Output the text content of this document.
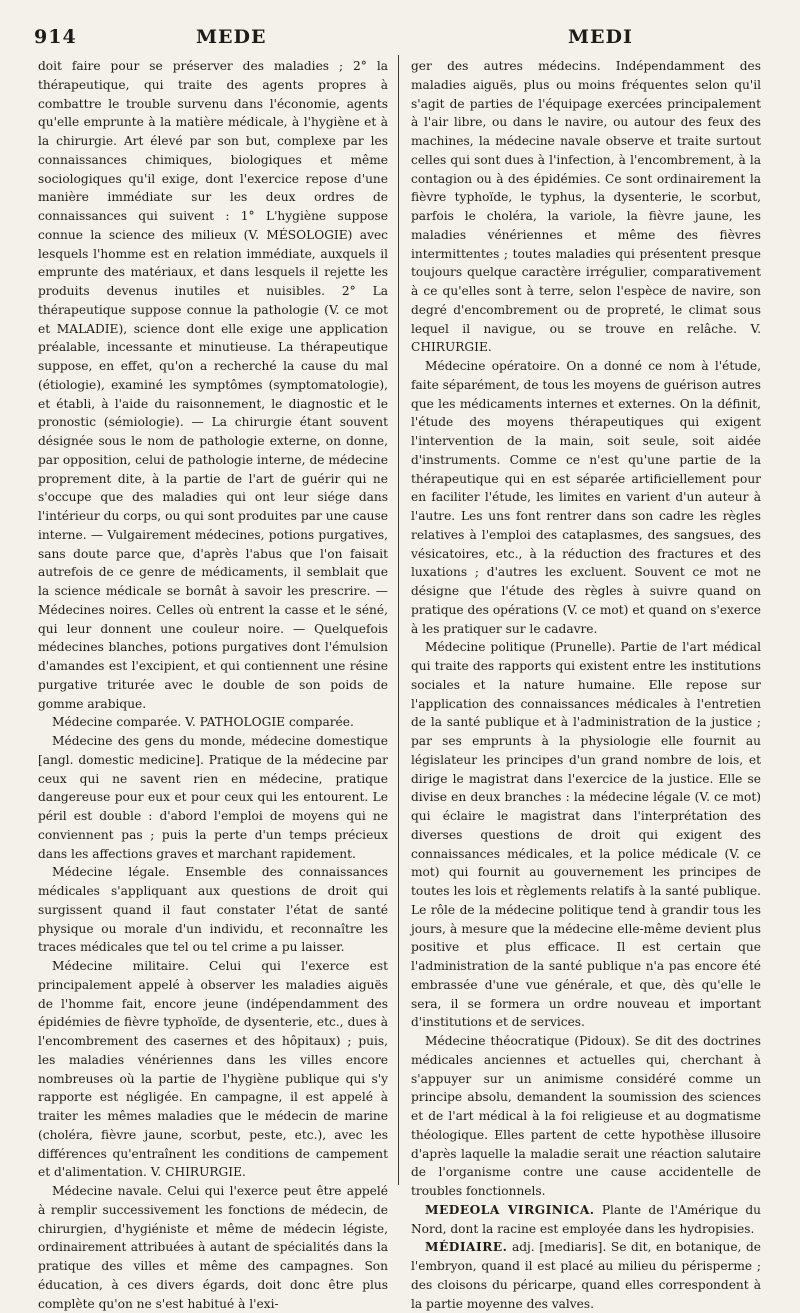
914	MEDE	MEDI

doit faire pour se préserver des maladies ; 2° la thérapeutique, qui traite des agents propres à combattre le trouble survenu dans l'économie, agents qu'elle emprunte à la matière médicale, à l'hygiène et à la chirurgie. Art élevé par son but, complexe par les connaissances chimiques, biologiques et même sociologiques qu'il exige, dont l'exercice repose d'une manière immédiate sur les deux ordres de connaissances qui suivent : 1° L'hygiène suppose connue la science des milieux (V. MÉSOLOGIE) avec lesquels l'homme est en relation immédiate, auxquels il emprunte des matériaux, et dans lesquels il rejette les produits devenus inutiles et nuisibles. 2° La thérapeutique suppose connue la pathologie (V. ce mot et MALADIE), science dont elle exige une application préalable, incessante et minutieuse. La thérapeutique suppose, en effet, qu'on a recherché la cause du mal (étiologie), examiné les symptômes (symptomatologie), et établi, à l'aide du raisonnement, le diagnostic et le pronostic (sémiologie). — La chirurgie étant souvent désignée sous le nom de pathologie externe, on donne, par opposition, celui de pathologie interne, de médecine proprement dite, à la partie de l'art de guérir qui ne s'occupe que des maladies qui ont leur siége dans l'intérieur du corps, ou qui sont produites par une cause interne. — Vulgairement médecines, potions purgatives, sans doute parce que, d'après l'abus que l'on faisait autrefois de ce genre de médicaments, il semblait que la science médicale se bornât à savoir les prescrire. — Médecines noires. Celles où entrent la casse et le séné, qui leur donnent une couleur noire. — Quelquefois médecines blanches, potions purgatives dont l'émulsion d'amandes est l'excipient, et qui contiennent une résine purgative triturée avec le double de son poids de gomme arabique.

Médecine comparée. V. PATHOLOGIE comparée.

Médecine des gens du monde, médecine domestique [angl. domestic medicine]. Pratique de la médecine par ceux qui ne savent rien en médecine, pratique dangereuse pour eux et pour ceux qui les entourent. Le péril est double : d'abord l'emploi de moyens qui ne conviennent pas ; puis la perte d'un temps précieux dans les affections graves et marchant rapidement.

Médecine légale. Ensemble des connaissances médicales s'appliquant aux questions de droit qui surgissent quand il faut constater l'état de santé physique ou morale d'un individu, et reconnaître les traces médicales que tel ou tel crime a pu laisser.

Médecine militaire. Celui qui l'exerce est principalement appelé à observer les maladies aiguës de l'homme fait, encore jeune (indépendamment des épidémies de fièvre typhoïde, de dysenterie, etc., dues à l'encombrement des casernes et des hôpitaux) ; puis, les maladies vénériennes dans les villes encore nombreuses où la partie de l'hygiène publique qui s'y rapporte est négligée. En campagne, il est appelé à traiter les mêmes maladies que le médecin de marine (choléra, fièvre jaune, scorbut, peste, etc.), avec les différences qu'entraînent les conditions de campement et d'alimentation. V. CHIRURGIE.

Médecine navale. Celui qui l'exerce peut être appelé à remplir successivement les fonctions de médecin, de chirurgien, d'hygiéniste et même de médecin légiste, ordinairement attribuées à autant de spécialités dans la pratique des villes et même des campagnes. Son éducation, à ces divers égards, doit donc être plus complète qu'on ne s'est habitué à l'exi-

ger des autres médecins. Indépendamment des maladies aiguës, plus ou moins fréquentes selon qu'il s'agit de parties de l'équipage exercées principalement à l'air libre, ou dans le navire, ou autour des feux des machines, la médecine navale observe et traite surtout celles qui sont dues à l'infection, à l'encombrement, à la contagion ou à des épidémies. Ce sont ordinairement la fièvre typhoïde, le typhus, la dysenterie, le scorbut, parfois le choléra, la variole, la fièvre jaune, les maladies vénériennes et même des fièvres intermittentes ; toutes maladies qui présentent presque toujours quelque caractère irrégulier, comparativement à ce qu'elles sont à terre, selon l'espèce de navire, son degré d'encombrement ou de propreté, le climat sous lequel il navigue, ou se trouve en relâche. V. CHIRURGIE.

Médecine opératoire. On a donné ce nom à l'étude, faite séparément, de tous les moyens de guérison autres que les médicaments internes et externes. On la définit, l'étude des moyens thérapeutiques qui exigent l'intervention de la main, soit seule, soit aidée d'instruments. Comme ce n'est qu'une partie de la thérapeutique qui en est séparée artificiellement pour en faciliter l'étude, les limites en varient d'un auteur à l'autre. Les uns font rentrer dans son cadre les règles relatives à l'emploi des cataplasmes, des sangsues, des vésicatoires, etc., à la réduction des fractures et des luxations ; d'autres les excluent. Souvent ce mot ne désigne que l'étude des règles à suivre quand on pratique des opérations (V. ce mot) et quand on s'exerce à les pratiquer sur le cadavre.

Médecine politique (Prunelle). Partie de l'art médical qui traite des rapports qui existent entre les institutions sociales et la nature humaine. Elle repose sur l'application des connaissances médicales à l'entretien de la santé publique et à l'administration de la justice ; par ses emprunts à la physiologie elle fournit au législateur les principes d'un grand nombre de lois, et dirige le magistrat dans l'exercice de la justice. Elle se divise en deux branches : la médecine légale (V. ce mot) qui éclaire le magistrat dans l'interprétation des diverses questions de droit qui exigent des connaissances médicales, et la police médicale (V. ce mot) qui fournit au gouvernement les principes de toutes les lois et règlements relatifs à la santé publique. Le rôle de la médecine politique tend à grandir tous les jours, à mesure que la médecine elle-même devient plus positive et plus efficace. Il est certain que l'administration de la santé publique n'a pas encore été embrassée d'une vue générale, et que, dès qu'elle le sera, il se formera un ordre nouveau et important d'institutions et de services.

Médecine théocratique (Pidoux). Se dit des doctrines médicales anciennes et actuelles qui, cherchant à s'appuyer sur un animisme considéré comme un principe absolu, demandent la soumission des sciences et de l'art médical à la foi religieuse et au dogmatisme théologique. Elles partent de cette hypothèse illusoire d'après laquelle la maladie serait une réaction salutaire de l'organisme contre une cause accidentelle de troubles fonctionnels.

MEDEOLA VIRGINICA. Plante de l'Amérique du Nord, dont la racine est employée dans les hydropisies.

MÉDIAIRE. adj. [mediaris]. Se dit, en botanique, de l'embryon, quand il est placé au milieu du périsperme ; des cloisons du péricarpe, quand elles correspondent à la partie moyenne des valves.
